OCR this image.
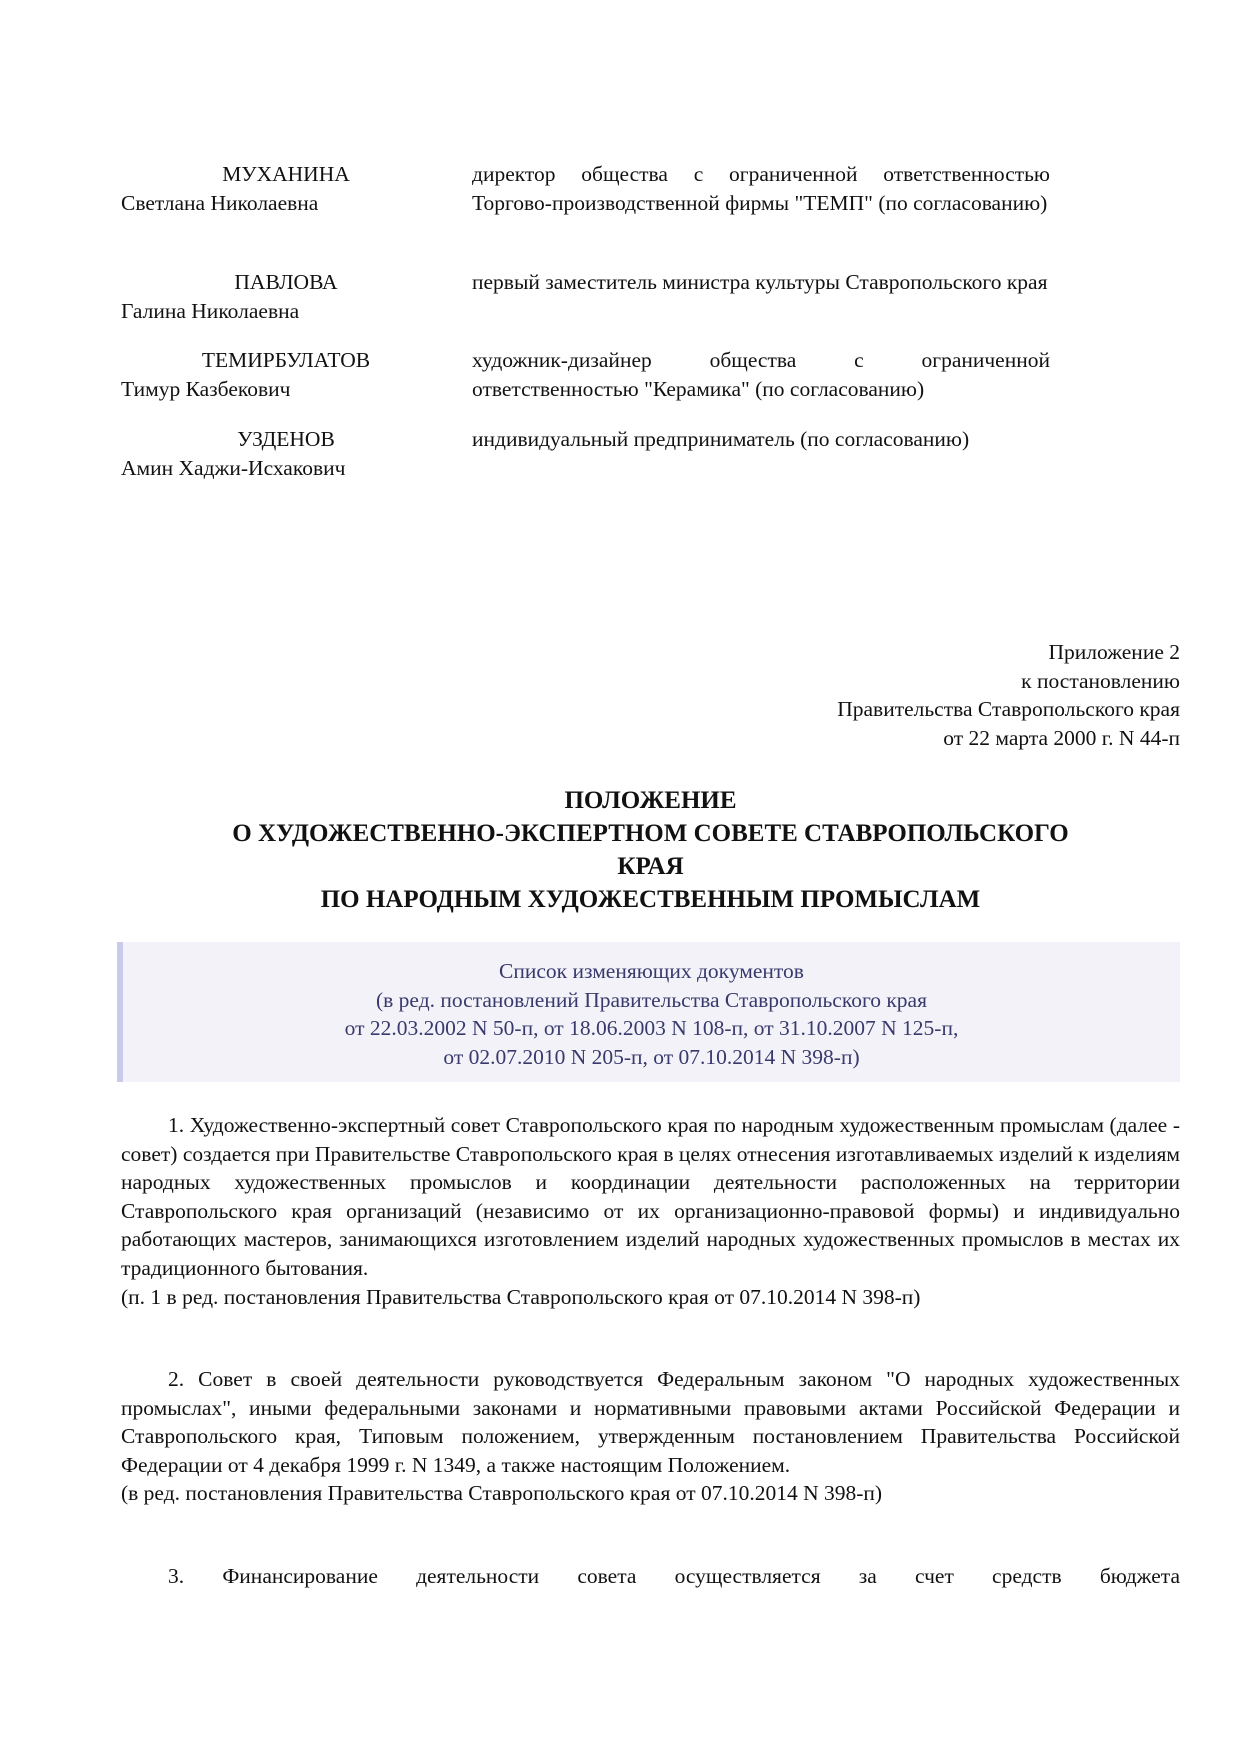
МУХАНИНА
Светлана Николаевна
директор общества с ограниченной ответственностью Торгово-производственной фирмы "ТЕМП" (по согласованию)
ПАВЛОВА
Галина Николаевна
первый заместитель министра культуры Ставропольского края
ТЕМИРБУЛАТОВ
Тимур Казбекович
художник-дизайнер общества с ограниченной ответственностью "Керамика" (по согласованию)
УЗДЕНОВ
Амин Хаджи-Исхакович
индивидуальный предприниматель (по согласованию)
Приложение 2
к постановлению
Правительства Ставропольского края
от 22 марта 2000 г. N 44-п
ПОЛОЖЕНИЕ
О ХУДОЖЕСТВЕННО-ЭКСПЕРТНОМ СОВЕТЕ СТАВРОПОЛЬСКОГО
КРАЯ
ПО НАРОДНЫМ ХУДОЖЕСТВЕННЫМ ПРОМЫСЛАМ
Список изменяющих документов
(в ред. постановлений Правительства Ставропольского края
от 22.03.2002 N 50-п, от 18.06.2003 N 108-п, от 31.10.2007 N 125-п,
от 02.07.2010 N 205-п, от 07.10.2014 N 398-п)
1. Художественно-экспертный совет Ставропольского края по народным художественным промыслам (далее - совет) создается при Правительстве Ставропольского края в целях отнесения изготавливаемых изделий к изделиям народных художественных промыслов и координации деятельности расположенных на территории Ставропольского края организаций (независимо от их организационно-правовой формы) и индивидуально работающих мастеров, занимающихся изготовлением изделий народных художественных промыслов в местах их традиционного бытования.
(п. 1 в ред. постановления Правительства Ставропольского края от 07.10.2014 N 398-п)
2. Совет в своей деятельности руководствуется Федеральным законом "О народных художественных промыслах", иными федеральными законами и нормативными правовыми актами Российской Федерации и Ставропольского края, Типовым положением, утвержденным постановлением Правительства Российской Федерации от 4 декабря 1999 г. N 1349, а также настоящим Положением.
(в ред. постановления Правительства Ставропольского края от 07.10.2014 N 398-п)
3. Финансирование деятельности совета осуществляется за счет средств бюджета
